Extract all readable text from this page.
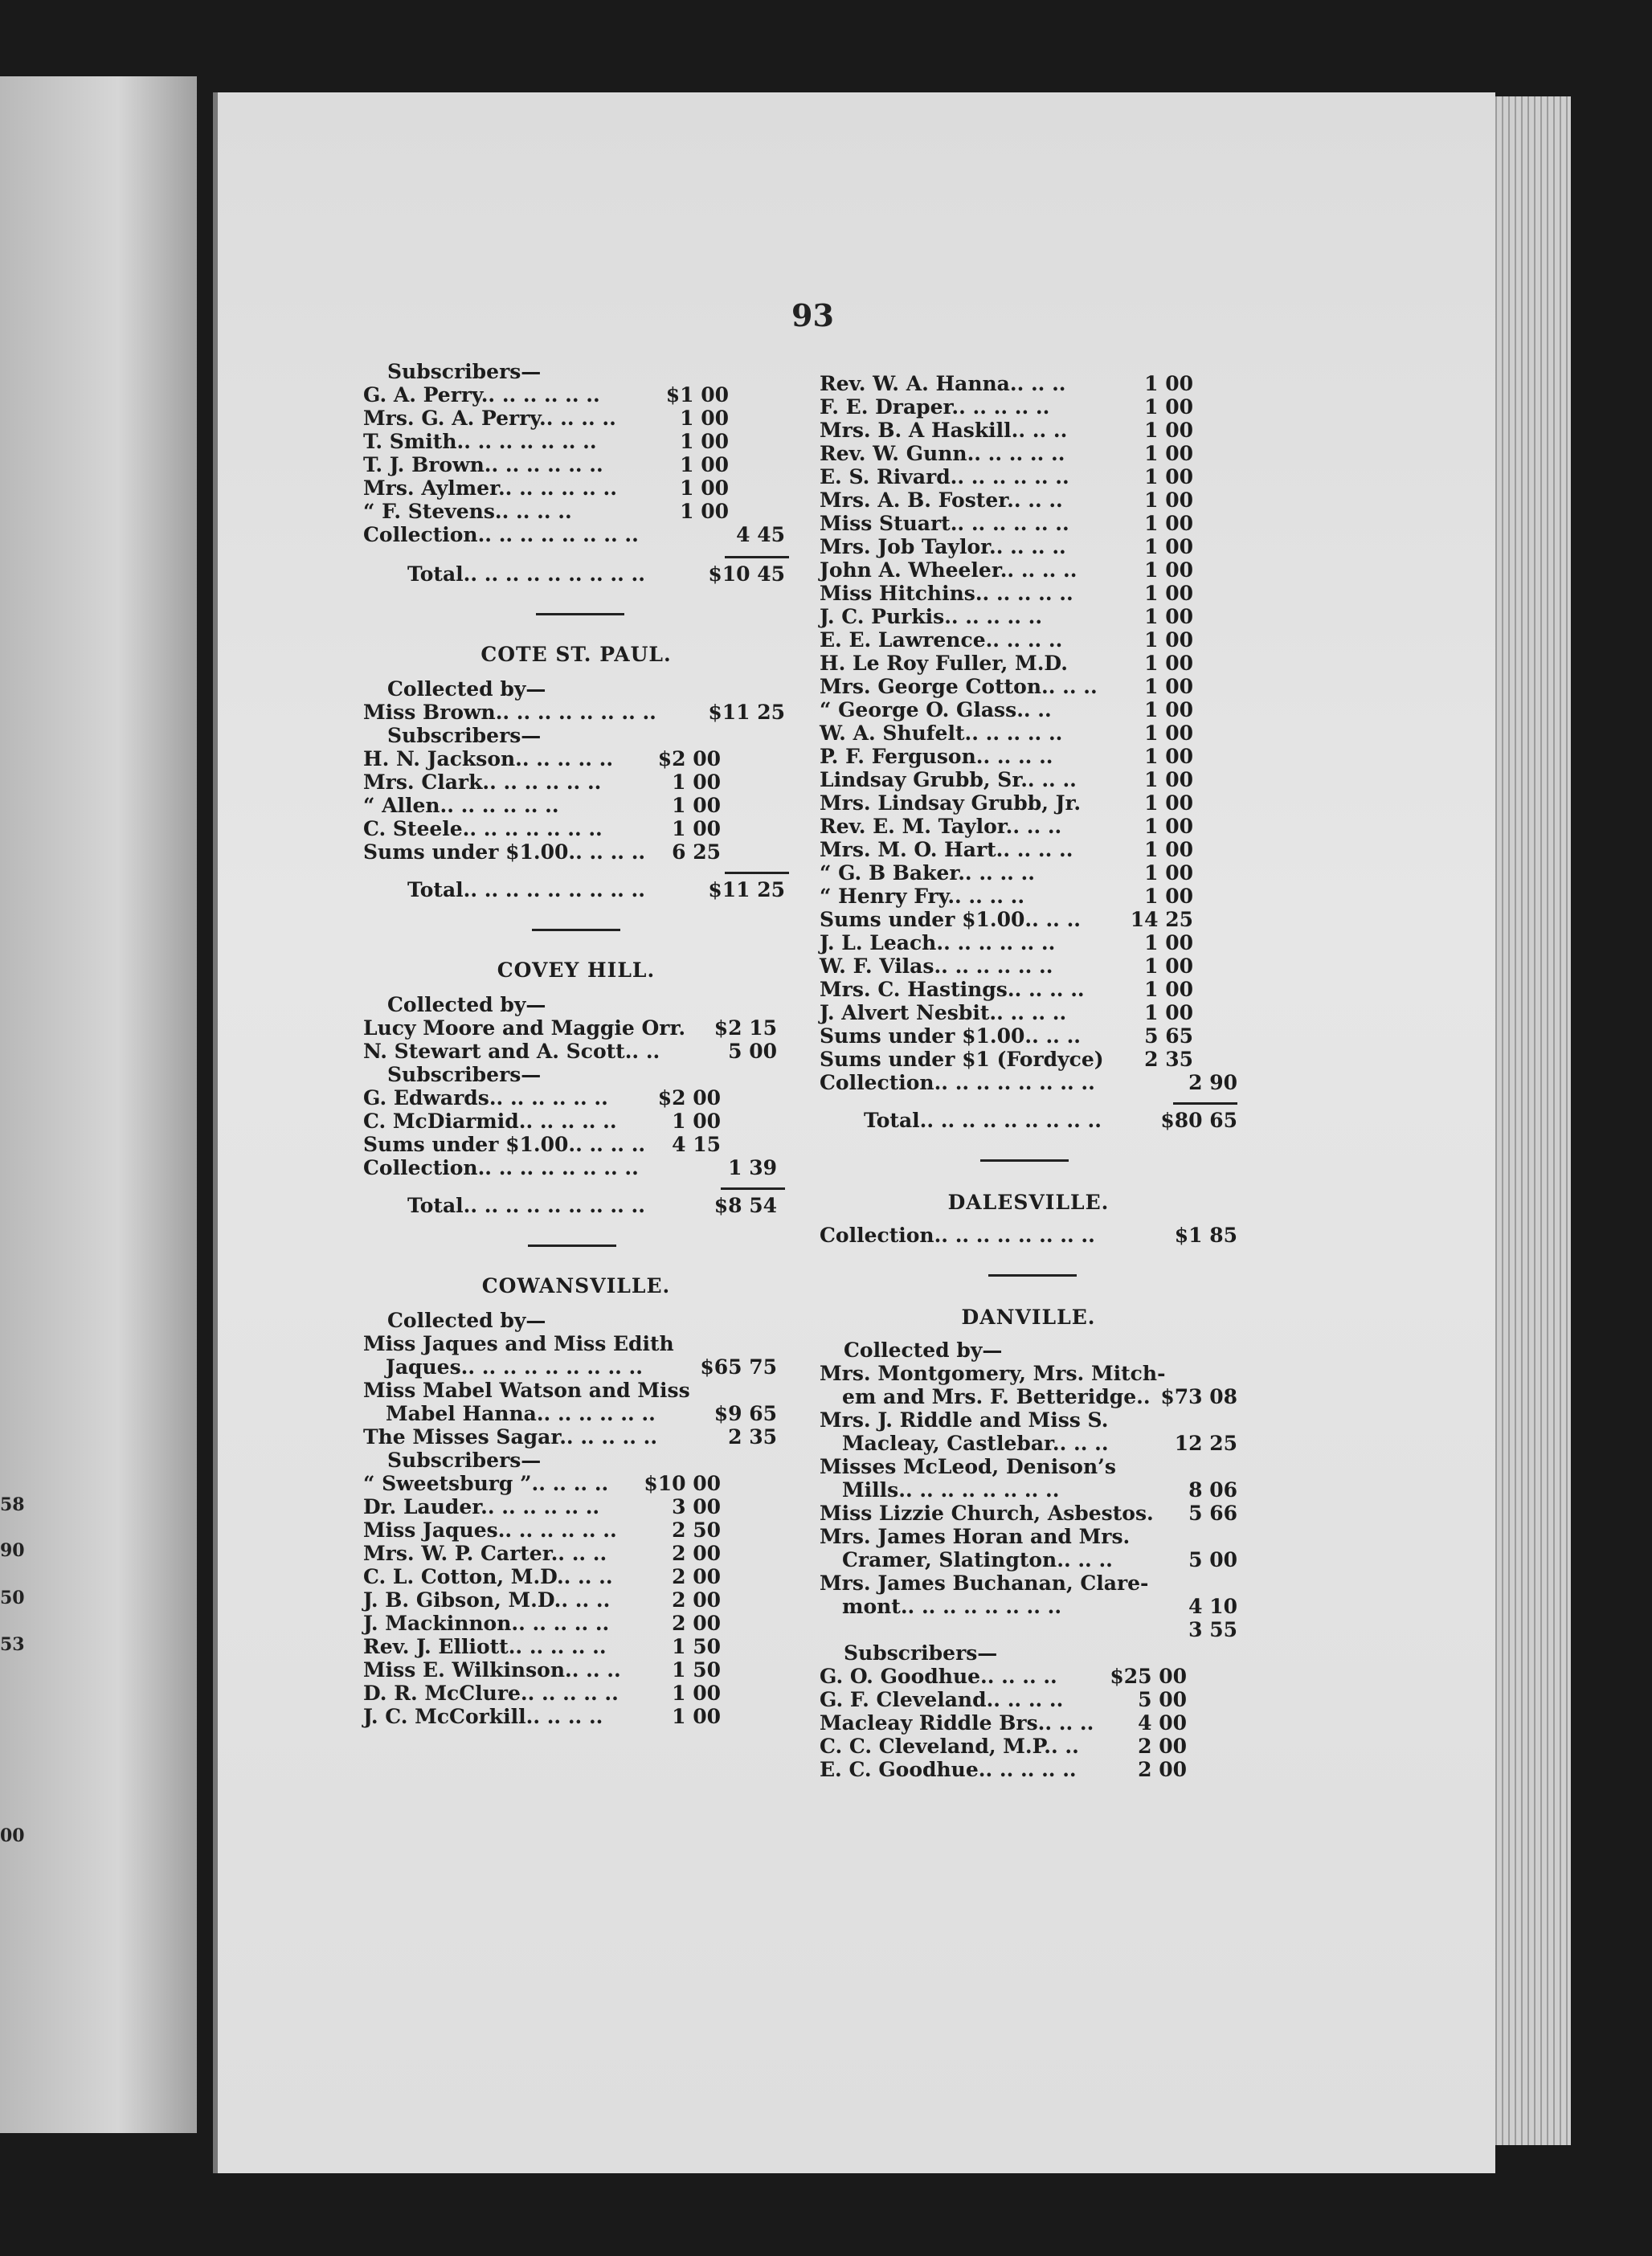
58
90
50
53
00
93
Subscribers—
G. A. Perry.. .. .. .. .. ..	$1 00
Mrs. G. A. Perry.. .. .. ..	1 00
T. Smith.. .. .. .. .. .. ..	1 00
T. J. Brown.. .. .. .. .. ..	1 00
Mrs. Aylmer.. .. .. .. .. ..	1 00
“ F. Stevens.. .. .. ..	1 00
Collection.. .. .. .. .. .. .. ..	4 45
Total.. .. .. .. .. .. .. .. ..	$10 45
COTE ST. PAUL.
Collected by—
Miss Brown.. .. .. .. .. .. .. ..	$11 25
Subscribers—
H. N. Jackson.. .. .. .. .. $2 00
Mrs. Clark.. .. .. .. .. ..	1 00
“ Allen.. .. .. .. .. ..	1 00
C. Steele.. .. .. .. .. .. ..	1 00
Sums under $1.00.. .. .. .. 6 25
Total.. .. .. .. .. .. .. .. ..	$11 25
COVEY HILL.
Collected by—
Lucy Moore and Maggie Orr. $2 15
N. Stewart and A. Scott.. ..	5 00
Subscribers—
G. Edwards.. .. .. .. .. .. $2 00
C. McDiarmid.. .. .. .. ..	1 00
Sums under $1.00.. .. .. .. 4 15
Collection.. .. .. .. .. .. .. ..	1 39
Total.. .. .. .. .. .. .. .. ..	$8 54
COWANSVILLE.
Collected by—
Miss Jaques and Miss Edith
Jaques.. .. .. .. .. .. .. .. ..	$65 75
Miss Mabel Watson and Miss
Mabel Hanna.. .. .. .. .. ..	$9 65
The Misses Sagar.. .. .. .. ..	2 35
Subscribers—
“ Sweetsburg ”.. .. .. .. $10 00
Dr. Lauder.. .. .. .. .. ..	3 00
Miss Jaques.. .. .. .. .. ..	2 50
Mrs. W. P. Carter.. .. ..	2 00
C. L. Cotton, M.D.. .. ..	2 00
J. B. Gibson, M.D.. .. ..	2 00
J. Mackinnon.. .. .. .. ..	2 00
Rev. J. Elliott.. .. .. .. ..	1 50
Miss E. Wilkinson.. .. ..	1 50
D. R. McClure.. .. .. .. ..	1 00
J. C. McCorkill.. .. .. ..	1 00
Rev. W. A. Hanna.. .. ..	1 00
F. E. Draper.. .. .. .. ..	1 00
Mrs. B. A Haskill.. .. ..	1 00
Rev. W. Gunn.. .. .. .. ..	1 00
E. S. Rivard.. .. .. .. .. ..	1 00
Mrs. A. B. Foster.. .. ..	1 00
Miss Stuart.. .. .. .. .. ..	1 00
Mrs. Job Taylor.. .. .. ..	1 00
John A. Wheeler.. .. .. ..	1 00
Miss Hitchins.. .. .. .. ..	1 00
J. C. Purkis.. .. .. .. ..	1 00
E. E. Lawrence.. .. .. ..	1 00
H. Le Roy Fuller, M.D.	1 00
Mrs. George Cotton.. .. .. 1 00
“ George O. Glass.. ..	1 00
W. A. Shufelt.. .. .. .. ..	1 00
P. F. Ferguson.. .. .. ..	1 00
Lindsay Grubb, Sr.. .. ..	1 00
Mrs. Lindsay Grubb, Jr.	1 00
Rev. E. M. Taylor.. .. ..	1 00
Mrs. M. O. Hart.. .. .. ..	1 00
“ G. B Baker.. .. .. ..	1 00
“ Henry Fry.. .. .. ..	1 00
Sums under $1.00.. .. .. 14 25
J. L. Leach.. .. .. .. .. ..	1 00
W. F. Vilas.. .. .. .. .. ..	1 00
Mrs. C. Hastings.. .. .. ..	1 00
J. Alvert Nesbit.. .. .. ..	1 00
Sums under $1.00.. .. ..	5 65
Sums under $1 (Fordyce) 2 35
Collection.. .. .. .. .. .. .. ..	2 90
Total.. .. .. .. .. .. .. .. ..	$80 65
DALESVILLE.
Collection.. .. .. .. .. .. .. ..	$1 85
DANVILLE.
Collected by—
Mrs. Montgomery, Mrs. Mitch-
em and Mrs. F. Betteridge.. $73 08
Mrs. J. Riddle and Miss S.
Macleay, Castlebar.. .. ..	12 25
Misses McLeod, Denison’s
Mills.. .. .. .. .. .. .. ..	8 06
Miss Lizzie Church, Asbestos. 5 66
Mrs. James Horan and Mrs.
Cramer, Slatington.. .. ..	5 00
Mrs. James Buchanan, Clare-
mont.. .. .. .. .. .. .. ..	4 10
3 55
Subscribers—
G. O. Goodhue.. .. .. ..	$25 00
G. F. Cleveland.. .. .. ..	5 00
Macleay Riddle Brs.. .. .. 4 00
C. C. Cleveland, M.P.. ..	2 00
E. C. Goodhue.. .. .. .. ..	2 00
